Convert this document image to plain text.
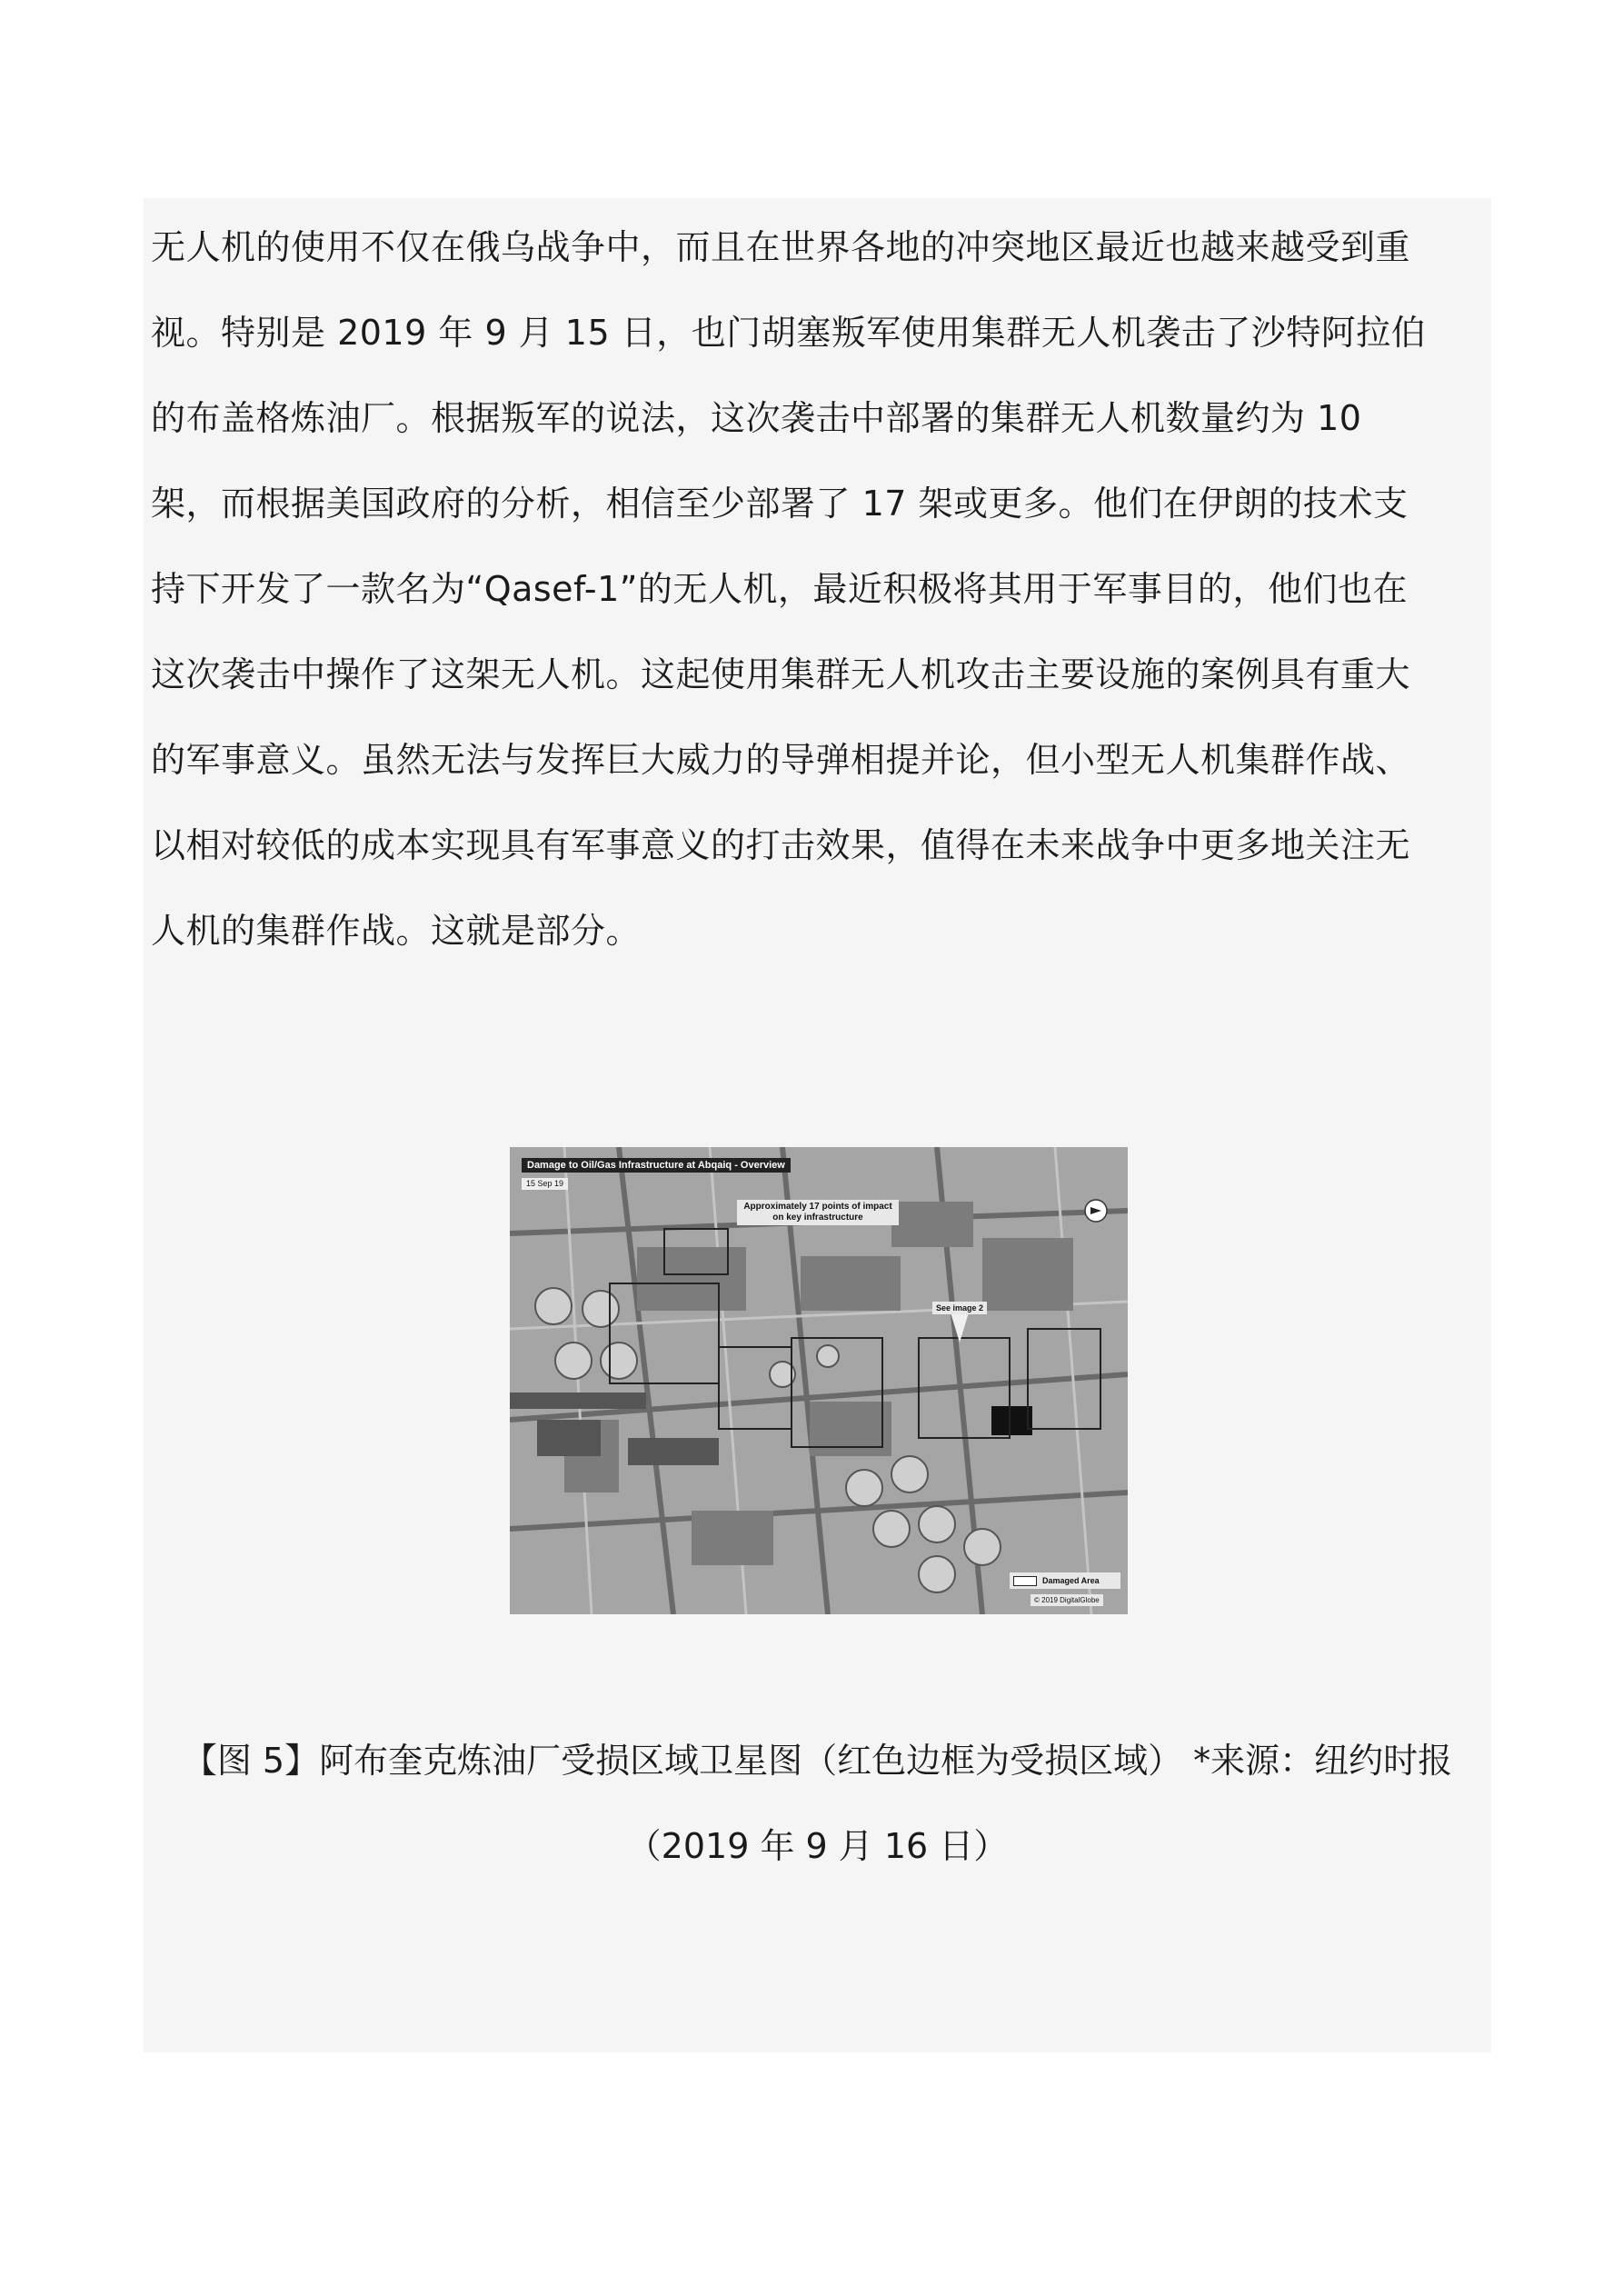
无人机的使用不仅在俄乌战争中，而且在世界各地的冲突地区最近也越来越受到重

视。特别是 2019 年 9 月 15 日，也门胡塞叛军使用集群无人机袭击了沙特阿拉伯

的布盖格炼油厂。根据叛军的说法，这次袭击中部署的集群无人机数量约为 10

架，而根据美国政府的分析，相信至少部署了 17 架或更多。他们在伊朗的技术支

持下开发了一款名为“Qasef-1”的无人机，最近积极将其用于军事目的，他们也在

这次袭击中操作了这架无人机。这起使用集群无人机攻击主要设施的案例具有重大

的军事意义。虽然无法与发挥巨大威力的导弹相提并论，但小型无人机集群作战、

以相对较低的成本实现具有军事意义的打击效果，值得在未来战争中更多地关注无

人机的集群作战。这就是部分。

Damage to Oil/Gas Infrastructure at Abqaiq - Overview
15 Sep 19
Approximately 17 points of impact on key infrastructure
See image 2
Damaged Area
© 2019 DigitalGlobe

【图 5】阿布奎克炼油厂受损区域卫星图（红色边框为受损区域） *来源：纽约时报

（2019 年 9 月 16 日）
